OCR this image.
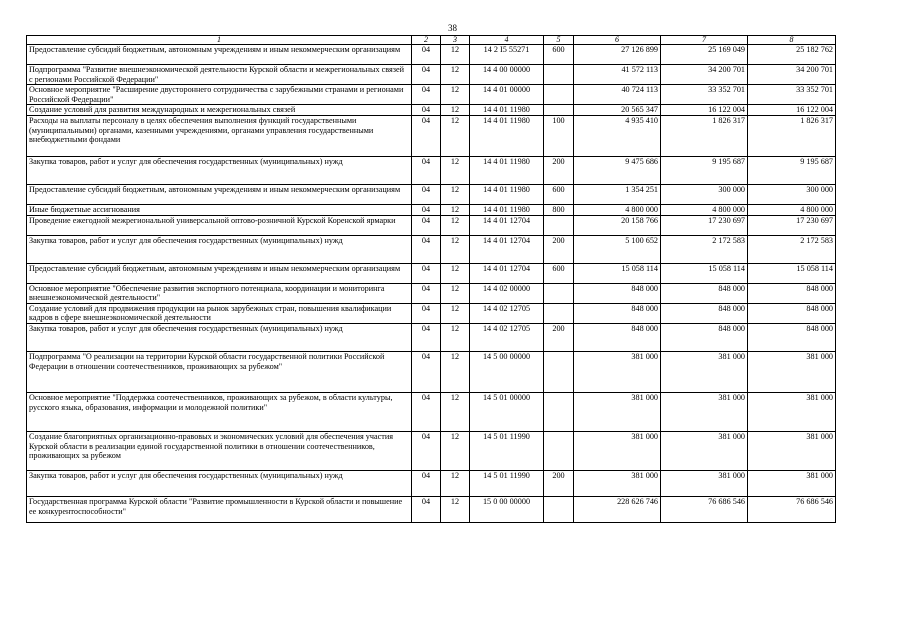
38
1	2	3	4	5	6	7	8
Предоставление субсидий бюджетным, автономным учреждениям и иным некоммерческим организациям	04	12	14 2 I5 55271	600	27 126 899	25 169 049	25 182 762
Подпрограмма "Развитие внешнеэкономической деятельности Курской области и межрегиональных связей с регионами Российской Федерации"	04	12	14 4 00 00000		41 572 113	34 200 701	34 200 701
Основное мероприятие "Расширение двустороннего сотрудничества с зарубежными странами и регионами Российской Федерации"	04	12	14 4 01 00000		40 724 113	33 352 701	33 352 701
Создание условий для развития международных и межрегиональных связей	04	12	14 4 01 11980		20 565 347	16 122 004	16 122 004
Расходы на выплаты персоналу в целях обеспечения выполнения функций государственными (муниципальными) органами, казенными учреждениями, органами управления государственными внебюджетными фондами	04	12	14 4 01 11980	100	4 935 410	1 826 317	1 826 317
Закупка товаров, работ и услуг для обеспечения государственных (муниципальных) нужд	04	12	14 4 01 11980	200	9 475 686	9 195 687	9 195 687
Предоставление субсидий бюджетным, автономным учреждениям и иным некоммерческим организациям	04	12	14 4 01 11980	600	1 354 251	300 000	300 000
Иные бюджетные ассигнования	04	12	14 4 01 11980	800	4 800 000	4 800 000	4 800 000
Проведение ежегодной межрегиональной универсальной оптово-розничной Курской Коренской ярмарки	04	12	14 4 01 12704		20 158 766	17 230 697	17 230 697
Закупка товаров, работ и услуг для обеспечения государственных (муниципальных) нужд	04	12	14 4 01 12704	200	5 100 652	2 172 583	2 172 583
Предоставление субсидий бюджетным, автономным учреждениям и иным некоммерческим организациям	04	12	14 4 01 12704	600	15 058 114	15 058 114	15 058 114
Основное мероприятие "Обеспечение развития экспортного потенциала, координации и мониторинга внешнеэкономической деятельности"	04	12	14 4 02 00000		848 000	848 000	848 000
Создание условий для продвижения продукции на рынок зарубежных стран, повышения квалификации кадров в сфере внешнеэкономической деятельности	04	12	14 4 02 12705		848 000	848 000	848 000
Закупка товаров, работ и услуг для обеспечения государственных (муниципальных) нужд	04	12	14 4 02 12705	200	848 000	848 000	848 000
Подпрограмма "О реализации на территории Курской области государственной политики Российской Федерации в отношении соотечественников, проживающих за рубежом"	04	12	14 5 00 00000		381 000	381 000	381 000
Основное мероприятие "Поддержка соотечественников, проживающих за рубежом, в области культуры, русского языка, образования, информации и молодежной политики"	04	12	14 5 01 00000		381 000	381 000	381 000
Создание благоприятных организационно-правовых и экономических условий для обеспечения участия Курской области в реализации единой государственной политики в отношении соотечественников, проживающих за рубежом	04	12	14 5 01 11990		381 000	381 000	381 000
Закупка товаров, работ и услуг для обеспечения государственных (муниципальных) нужд	04	12	14 5 01 11990	200	381 000	381 000	381 000
Государственная программа Курской области "Развитие промышленности в Курской области и повышение ее конкурентоспособности"	04	12	15 0 00 00000		228 626 746	76 686 546	76 686 546
